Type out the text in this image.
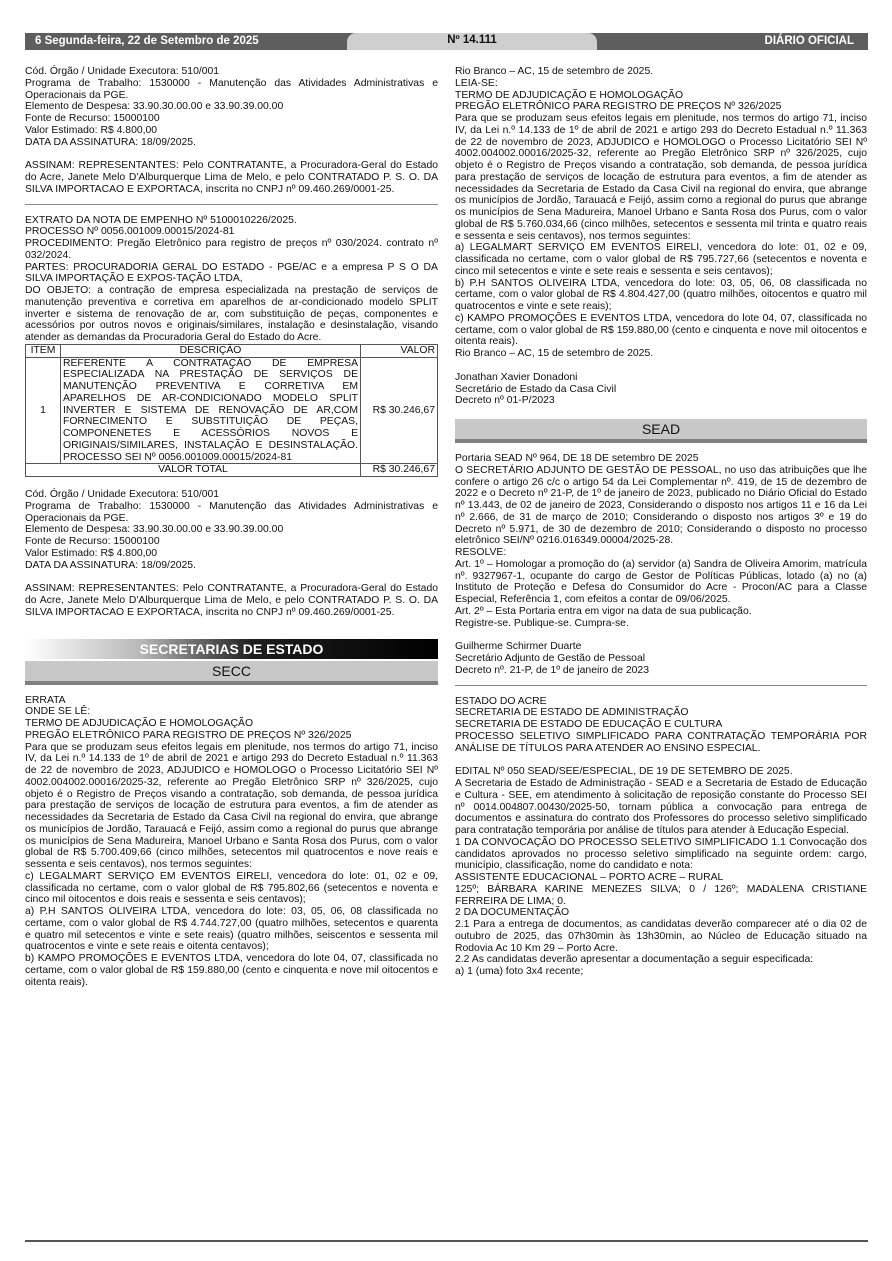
6 Segunda-feira, 22 de Setembro de 2025	Nº 14.111	DIÁRIO OFICIAL

Cód. Órgão / Unidade Executora: 510/001

Programa de Trabalho: 1530000 - Manutenção das Atividades Administrativas e Operacionais da PGE.

Elemento de Despesa: 33.90.30.00.00 e 33.90.39.00.00

Fonte de Recurso: 15000100

Valor Estimado: R$ 4.800,00

DATA DA ASSINATURA: 18/09/2025.

ASSINAM: REPRESENTANTES: Pelo CONTRATANTE, a Procuradora-Geral do Estado do Acre, Janete Melo D'Alburquerque Lima de Melo, e pelo CONTRATADO P. S. O. DA SILVA IMPORTACAO E EXPORTACA, inscrita no CNPJ nº 09.460.269/0001-25.

EXTRATO DA NOTA DE EMPENHO Nº 5100010226/2025.

PROCESSO Nº 0056.001009.00015/2024-81

PROCEDIMENTO: Pregão Eletrônico para registro de preços nº 030/2024. contrato nº 032/2024.

PARTES: PROCURADORIA GERAL DO ESTADO - PGE/AC e a empresa P S O DA SILVA IMPORTAÇÃO E EXPOS-TAÇÃO LTDA,

DO OBJETO: a contração de empresa especializada na prestação de serviços de manutenção preventiva e corretiva em aparelhos de ar-condicionado modelo SPLIT inverter e sistema de renovação de ar, com substituição de peças, componentes e acessórios por outros novos e originais/similares, instalação e desinstalação, visando atender as demandas da Procuradoria Geral do Estado do Acre.

ITEM	DESCRIÇÃO	VALOR
1	REFERENTE A CONTRATAÇÃO DE EMPRESA ESPECIALIZADA NA PRESTAÇÃO DE SERVIÇOS DE MANUTENÇÃO PREVENTIVA E CORRETIVA EM APARELHOS DE AR-CONDICIONADO MODELO SPLIT INVERTER E SISTEMA DE RENOVAÇÃO DE AR,COM FORNECIMENTO E SUBSTITUIÇÃO DE PEÇAS, COMPONENETES E ACESSÓRIOS NOVOS E ORIGINAIS/SIMILARES, INSTALAÇÃO E DESINSTALAÇÃO. PROCESSO SEI Nº 0056.001009.00015/2024-81	R$ 30.246,67
VALOR TOTAL		R$ 30.246,67

Cód. Órgão / Unidade Executora: 510/001

Programa de Trabalho: 1530000 - Manutenção das Atividades Administrativas e Operacionais da PGE.

Elemento de Despesa: 33.90.30.00.00 e 33.90.39.00.00

Fonte de Recurso: 15000100

Valor Estimado: R$ 4.800,00

DATA DA ASSINATURA: 18/09/2025.

ASSINAM: REPRESENTANTES: Pelo CONTRATANTE, a Procuradora-Geral do Estado do Acre, Janete Melo D'Alburquerque Lima de Melo, e pelo CONTRATADO P. S. O. DA SILVA IMPORTACAO E EXPORTACA, inscrita no CNPJ nº 09.460.269/0001-25.

SECRETARIAS DE ESTADO
SECC

ERRATA

ONDE SE LÊ:

TERMO DE ADJUDICAÇÃO E HOMOLOGAÇÃO

PREGÃO ELETRÔNICO PARA REGISTRO DE PREÇOS Nº 326/2025

Para que se produzam seus efeitos legais em plenitude, nos termos do artigo 71, inciso IV, da Lei n.º 14.133 de 1º de abril de 2021 e artigo 293 do Decreto Estadual n.º 11.363 de 22 de novembro de 2023, ADJUDICO e HOMOLOGO o Processo Licitatório SEI Nº 4002.004002.00016/2025-32, referente ao Pregão Eletrônico SRP nº 326/2025, cujo objeto é o Registro de Preços visando a contratação, sob demanda, de pessoa jurídica para prestação de serviços de locação de estrutura para eventos, a fim de atender as necessidades da Secretaria de Estado da Casa Civil na regional do envira, que abrange os municípios de Jordão, Tarauacá e Feijó, assim como a regional do purus que abrange os municípios de Sena Madureira, Manoel Urbano e Santa Rosa dos Purus, com o valor global de R$ 5.700.409,66 (cinco milhões, setecentos mil quatrocentos e nove reais e sessenta e seis centavos), nos termos seguintes:

c) LEGALMART SERVIÇO EM EVENTOS EIRELI, vencedora do lote: 01, 02 e 09, classificada no certame, com o valor global de R$ 795.802,66 (setecentos e noventa e cinco mil oitocentos e dois reais e sessenta e seis centavos);

a) P.H SANTOS OLIVEIRA LTDA, vencedora do lote: 03, 05, 06, 08 classificada no certame, com o valor global de R$ 4.744.727,00 (quatro milhões, setecentos e quarenta e quatro mil setecentos e vinte e sete reais) (quatro milhões, seiscentos e sessenta mil quatrocentos e vinte e sete reais e oitenta centavos);

b) KAMPO PROMOÇÕES E EVENTOS LTDA, vencedora do lote 04, 07, classificada no certame, com o valor global de R$ 159.880,00 (cento e cinquenta e nove mil oitocentos e oitenta reais).

Rio Branco – AC, 15 de setembro de 2025.

LEIA-SE:

TERMO DE ADJUDICAÇÃO E HOMOLOGAÇÃO

PREGÃO ELETRÔNICO PARA REGISTRO DE PREÇOS Nº 326/2025

Para que se produzam seus efeitos legais em plenitude, nos termos do artigo 71, inciso IV, da Lei n.º 14.133 de 1º de abril de 2021 e artigo 293 do Decreto Estadual n.º 11.363 de 22 de novembro de 2023, ADJUDICO e HOMOLOGO o Processo Licitatório SEI Nº 4002.004002.00016/2025-32, referente ao Pregão Eletrônico SRP nº 326/2025, cujo objeto é o Registro de Preços visando a contratação, sob demanda, de pessoa jurídica para prestação de serviços de locação de estrutura para eventos, a fim de atender as necessidades da Secretaria de Estado da Casa Civil na regional do envira, que abrange os municípios de Jordão, Tarauacá e Feijó, assim como a regional do purus que abrange os municípios de Sena Madureira, Manoel Urbano e Santa Rosa dos Purus, com o valor global de R$ 5.760.034,66 (cinco milhões, setecentos e sessenta mil trinta e quatro reais e sessenta e seis centavos), nos termos seguintes:

a) LEGALMART SERVIÇO EM EVENTOS EIRELI, vencedora do lote: 01, 02 e 09, classificada no certame, com o valor global de R$ 795.727,66 (setecentos e noventa e cinco mil setecentos e vinte e sete reais e sessenta e seis centavos);

b) P.H SANTOS OLIVEIRA LTDA, vencedora do lote: 03, 05, 06, 08 classificada no certame, com o valor global de R$ 4.804.427,00 (quatro milhões, oitocentos e quatro mil quatrocentos e vinte e sete reais);

c) KAMPO PROMOÇÕES E EVENTOS LTDA, vencedora do lote 04, 07, classificada no certame, com o valor global de R$ 159.880,00 (cento e cinquenta e nove mil oitocentos e oitenta reais).

Rio Branco – AC, 15 de setembro de 2025.

Jonathan Xavier Donadoni

Secretário de Estado da Casa Civil

Decreto nº 01-P/2023

SEAD

Portaria SEAD Nº 964, DE 18 DE setembro DE 2025

O SECRETÁRIO ADJUNTO DE GESTÃO DE PESSOAL, no uso das atribuições que lhe confere o artigo 26 c/c o artigo 54 da Lei Complementar nº. 419, de 15 de dezembro de 2022 e o Decreto nº 21-P, de 1º de janeiro de 2023, publicado no Diário Oficial do Estado nº 13.443, de 02 de janeiro de 2023, Considerando o disposto nos artigos 11 e 16 da Lei nº 2.666, de 31 de março de 2010; Considerando o disposto nos artigos 3º e 19 do Decreto nº 5.971, de 30 de dezembro de 2010; Considerando o disposto no processo eletrônico SEI/Nº 0216.016349.00004/2025-28.

RESOLVE:

Art. 1º – Homologar a promoção do (a) servidor (a) Sandra de Oliveira Amorim, matrícula nº. 9327967-1, ocupante do cargo de Gestor de Políticas Públicas, lotado (a) no (a) Instituto de Proteção e Defesa do Consumidor do Acre - Procon/AC para a Classe Especial, Referência 1, com efeitos a contar de 09/06/2025.

Art. 2º – Esta Portaria entra em vigor na data de sua publicação.

Registre-se. Publique-se. Cumpra-se.

Guilherme Schirmer Duarte

Secretário Adjunto de Gestão de Pessoal

Decreto nº. 21-P, de 1º de janeiro de 2023

ESTADO DO ACRE

SECRETARIA DE ESTADO DE ADMINISTRAÇÃO

SECRETARIA DE ESTADO DE EDUCAÇÃO E CULTURA

PROCESSO SELETIVO SIMPLIFICADO PARA CONTRATAÇÃO TEMPORÁRIA POR ANÁLISE DE TÍTULOS PARA ATENDER AO ENSINO ESPECIAL.

EDITAL Nº 050 SEAD/SEE/ESPECIAL, DE 19 DE SETEMBRO DE 2025.

A Secretaria de Estado de Administração - SEAD e a Secretaria de Estado de Educação e Cultura - SEE, em atendimento à solicitação de reposição constante do Processo SEI nº 0014.004807.00430/2025-50, tornam pública a convocação para entrega de documentos e assinatura do contrato dos Professores do processo seletivo simplificado para contratação temporária por análise de títulos para atender à Educação Especial.

1 DA CONVOCAÇÃO DO PROCESSO SELETIVO SIMPLIFICADO 1.1 Convocação dos candidatos aprovados no processo seletivo simplificado na seguinte ordem: cargo, município, classificação, nome do candidato e nota:

ASSISTENTE EDUCACIONAL – PORTO ACRE – RURAL

125º; BÁRBARA KARINE MENEZES SILVA; 0 / 126º; MADALENA CRISTIANE FERREIRA DE LIMA; 0.

2 DA DOCUMENTAÇÃO

2.1 Para a entrega de documentos, as candidatas deverão comparecer até o dia 02 de outubro de 2025, das 07h30min às 13h30min, ao Núcleo de Educação situado na Rodovia Ac 10 Km 29 – Porto Acre.

2.2 As candidatas deverão apresentar a documentação a seguir especificada:

a) 1 (uma) foto 3x4 recente;
